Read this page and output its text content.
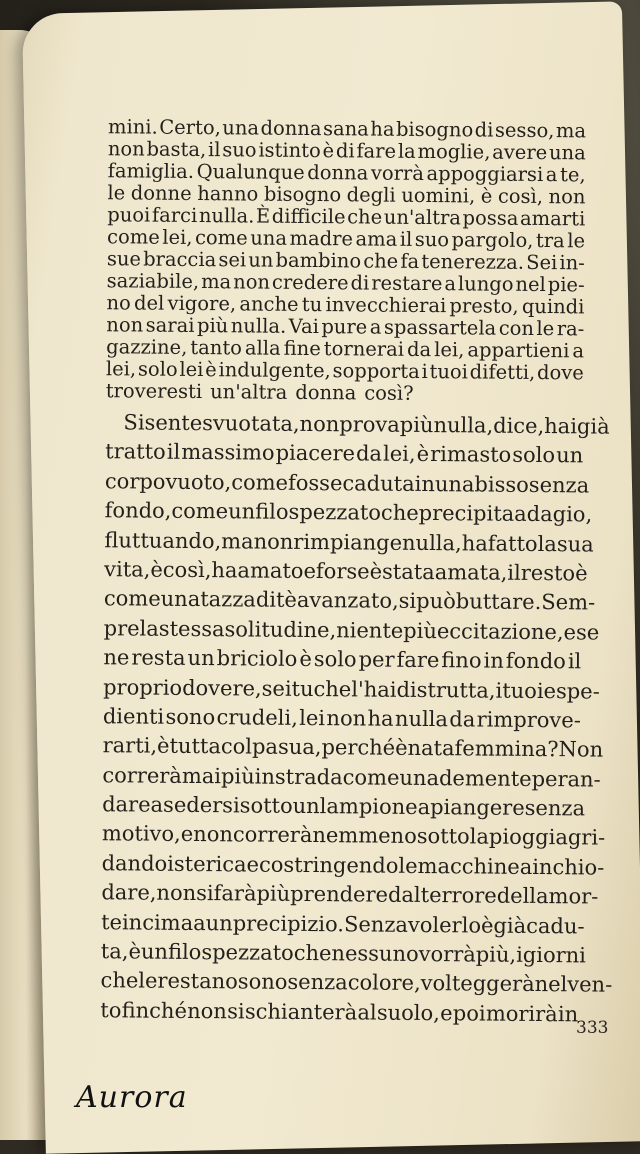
mini. Certo, una donna sana ha bisogno di sesso, ma
non basta, il suo istinto è di fare la moglie, avere una
famiglia. Qualunque donna vorrà appoggiarsi a te,
le donne hanno bisogno degli uomini, è così, non
puoi farci nulla. È difficile che un'altra possa amarti
come lei, come una madre ama il suo pargolo, tra le
sue braccia sei un bambino che fa tenerezza. Sei in-
saziabile, ma non credere di restare a lungo nel pie-
no del vigore, anche tu invecchierai presto, quindi
non sarai più nulla. Vai pure a spassartela con le ra-
gazzine, tanto alla fine tornerai da lei, appartieni a
lei, solo lei è indulgente, sopporta i tuoi difetti, dove
troveresti un'altra donna così?
Si sente svuotata, non prova più nulla, dice, hai già
tratto il massimo piacere da lei, è rimasto solo un
corpo vuoto, come fosse caduta in un abisso senza
fondo, come un filo spezzato che precipita adagio,
fluttuando, ma non rimpiange nulla, ha fatto la sua
vita, è così, ha amato e forse è stata amata, il resto è
come una tazza di tè avanzato, si può buttare. Sem-
pre la stessa solitudine, niente più eccitazione, e se
ne resta un briciolo è solo per fare fino in fondo il
proprio dovere, sei tu che l'hai distrutta, i tuoi espe-
dienti sono crudeli, lei non ha nulla da rimprove-
rarti, è tutta colpa sua, perché è nata femmina? Non
correrà mai più in strada come una demente per an-
dare a sedersi sotto un lampione a piangere senza
motivo, e non correrà nemmeno sotto la pioggia gri-
dando isterica e costringendo le macchine a inchio-
dare, non si farà più prendere dal terrore della mor-
te in cima a un precipizio. Senza volerlo è già cadu-
ta, è un filo spezzato che nessuno vorrà più, i giorni
che le restano sono senza colore, volteggerà nel ven-
to finché non si schianterà al suolo, e poi morirà in
333
Aurora
